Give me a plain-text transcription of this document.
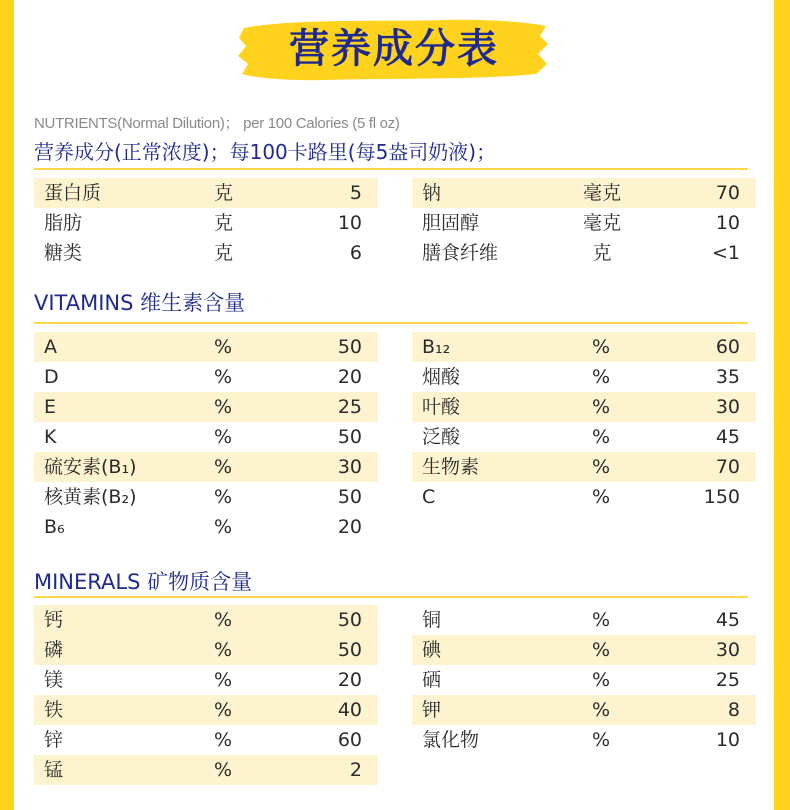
营养成分表
NUTRIENTS(Normal Dilution)； per 100 Calories (5 fl oz)
营养成分(正常浓度)；每100卡路里(每5盎司奶液)；
蛋白质	克	5
脂肪	克	10
糖类	克	6
钠	毫克	70
胆固醇	毫克	10
膳食纤维	克	<1
VITAMINS 维生素含量
A	%	50
D	%	20
E	%	25
K	%	50
硫安素(B₁)	%	30
核黄素(B₂)	%	50
B₆	%	20
B₁₂	%	60
烟酸	%	35
叶酸	%	30
泛酸	%	45
生物素	%	70
C	%	150
MINERALS 矿物质含量
钙	%	50
磷	%	50
镁	%	20
铁	%	40
锌	%	60
锰	%	2
铜	%	45
碘	%	30
硒	%	25
钾	%	8
氯化物	%	10
